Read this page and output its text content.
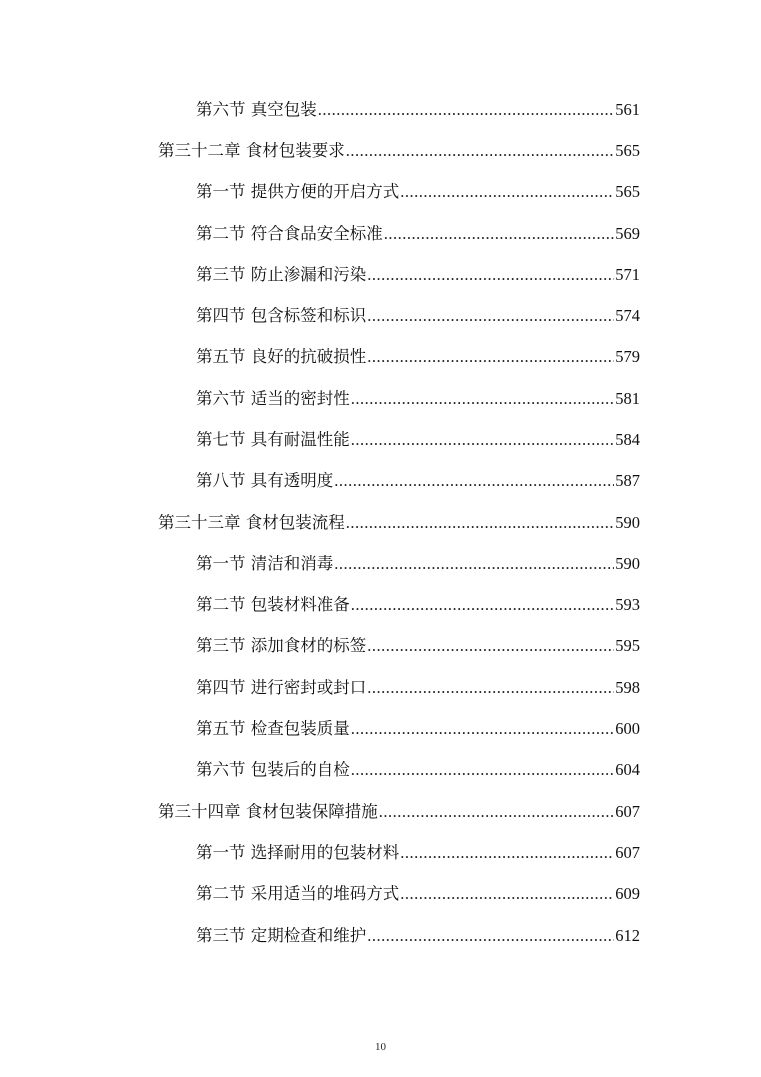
第六节 真空包装 .....	561
第三十二章 食材包装要求 .....	565
第一节 提供方便的开启方式 .....	565
第二节 符合食品安全标准 .....	569
第三节 防止渗漏和污染 .....	571
第四节 包含标签和标识 .....	574
第五节 良好的抗破损性 .....	579
第六节 适当的密封性 .....	581
第七节 具有耐温性能 .....	584
第八节 具有透明度 .....	587
第三十三章 食材包装流程 .....	590
第一节 清洁和消毒 .....	590
第二节 包装材料准备 .....	593
第三节 添加食材的标签 .....	595
第四节 进行密封或封口 .....	598
第五节 检查包装质量 .....	600
第六节 包装后的自检 .....	604
第三十四章 食材包装保障措施 .....	607
第一节 选择耐用的包装材料 .....	607
第二节 采用适当的堆码方式 .....	609
第三节 定期检查和维护 .....	612
10
